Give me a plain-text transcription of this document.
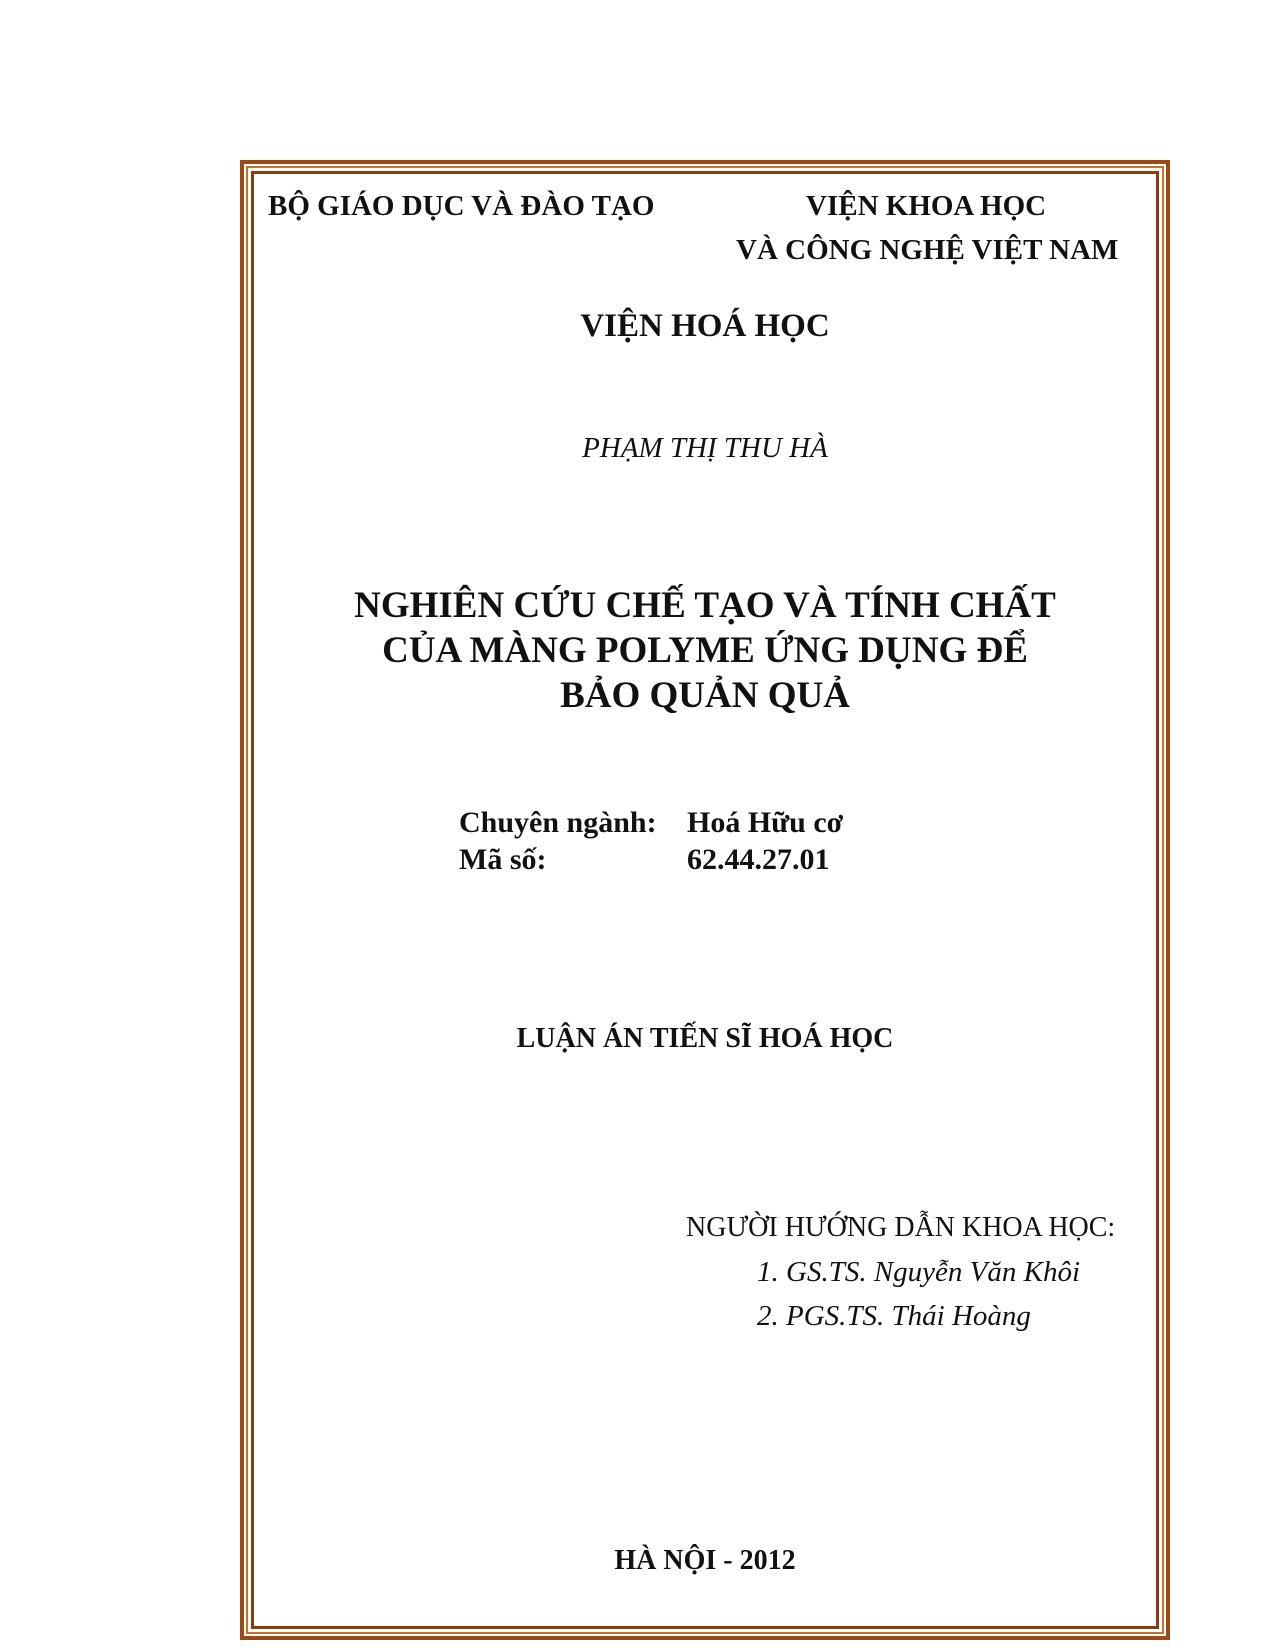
BỘ GIÁO DỤC VÀ ĐÀO TẠO	VIỆN KHOA HỌC

VÀ CÔNG NGHỆ VIỆT NAM

VIỆN HOÁ HỌC

PHẠM THỊ THU HÀ

NGHIÊN CỨU CHẾ TẠO VÀ TÍNH CHẤT

CỦA MÀNG POLYME ỨNG DỤNG ĐỂ

BẢO QUẢN QUẢ

Chuyên ngành: Hoá Hữu cơ

Mã số:	62.44.27.01

LUẬN ÁN TIẾN SĨ HOÁ HỌC

NGƯỜI HƯỚNG DẪN KHOA HỌC:

1. GS.TS. Nguyễn Văn Khôi

2. PGS.TS. Thái Hoàng

HÀ NỘI - 2012
